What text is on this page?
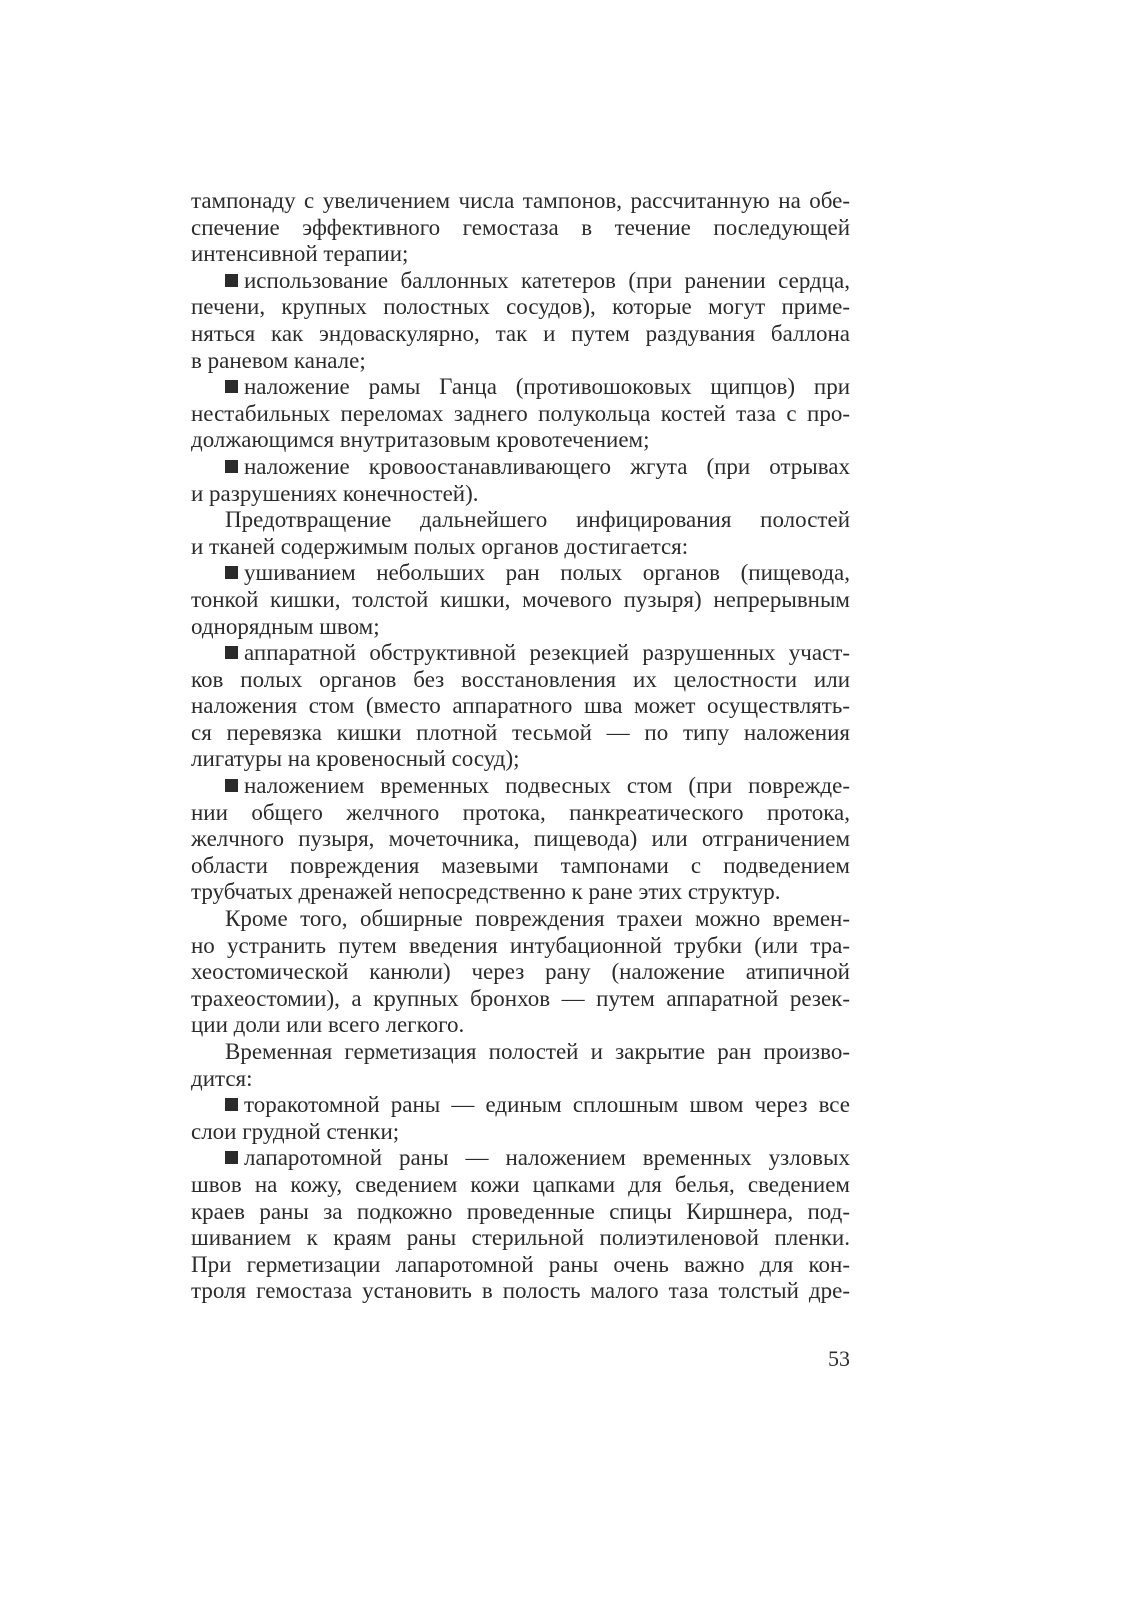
тампонаду с увеличением числа тампонов, рассчитанную на обе-
спечение эффективного гемостаза в течение последующей
интенсивной терапии;
использование баллонных катетеров (при ранении сердца,
печени, крупных полостных сосудов), которые могут приме-
няться как эндоваскулярно, так и путем раздувания баллона
в раневом канале;
наложение рамы Ганца (противошоковых щипцов) при
нестабильных переломах заднего полукольца костей таза с про-
должающимся внутритазовым кровотечением;
наложение кровоостанавливающего жгута (при отрывах
и разрушениях конечностей).
Предотвращение дальнейшего инфицирования полостей
и тканей содержимым полых органов достигается:
ушиванием небольших ран полых органов (пищевода,
тонкой кишки, толстой кишки, мочевого пузыря) непрерывным
однорядным швом;
аппаратной обструктивной резекцией разрушенных участ-
ков полых органов без восстановления их целостности или
наложения стом (вместо аппаратного шва может осуществлять-
ся перевязка кишки плотной тесьмой — по типу наложения
лигатуры на кровеносный сосуд);
наложением временных подвесных стом (при поврежде-
нии общего желчного протока, панкреатического протока,
желчного пузыря, мочеточника, пищевода) или отграничением
области повреждения мазевыми тампонами с подведением
трубчатых дренажей непосредственно к ране этих структур.
Кроме того, обширные повреждения трахеи можно времен-
но устранить путем введения интубационной трубки (или тра-
хеостомической канюли) через рану (наложение атипичной
трахеостомии), а крупных бронхов — путем аппаратной резек-
ции доли или всего легкого.
Временная герметизация полостей и закрытие ран произво-
дится:
торакотомной раны — единым сплошным швом через все
слои грудной стенки;
лапаротомной раны — наложением временных узловых
швов на кожу, сведением кожи цапками для белья, сведением
краев раны за подкожно проведенные спицы Киршнера, под-
шиванием к краям раны стерильной полиэтиленовой пленки.
При герметизации лапаротомной раны очень важно для кон-
троля гемостаза установить в полость малого таза толстый дре-
53
